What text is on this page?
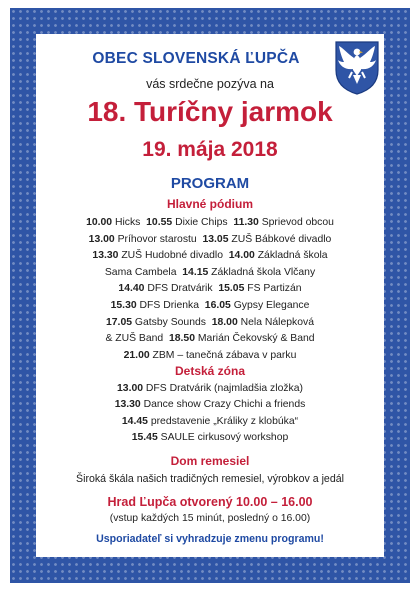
OBEC SLOVENSKÁ ĽUPČA
vás srdečne pozýva na
18. Turíčny jarmok
19. mája 2018
PROGRAM
Hlavné pódium
10.00 Hicks 10.55 Dixie Chips 11.30 Sprievod obcou
13.00 Príhovor starostu 13.05 ZUŠ Bábkové divadlo
13.30 ZUŠ Hudobné divadlo 14.00 Základná škola
Sama Cambela 14.15 Základná škola Vlčany
14.40 DFS Dratvárik 15.05 FS Partizán
15.30 DFS Drienka 16.05 Gypsy Elegance
17.05 Gatsby Sounds 18.00 Nela Nálepková
& ZUŠ Band 18.50 Marián Čekovský & Band
21.00 ZBM – tanečná zábava v parku
Detská zóna
13.00 DFS Dratvárik (najmladšia zložka)
13.30 Dance show Crazy Chichi a friends
14.45 predstavenie „Králiky z klobúka“
15.45 SAULE cirkusový workshop
Dom remesiel
Široká škála našich tradičných remesiel, výrobkov a jedál
Hrad Ľupča otvorený 10.00 – 16.00
(vstup každých 15 minút, posledný o 16.00)
Usporiadateľ si vyhradzuje zmenu programu!
